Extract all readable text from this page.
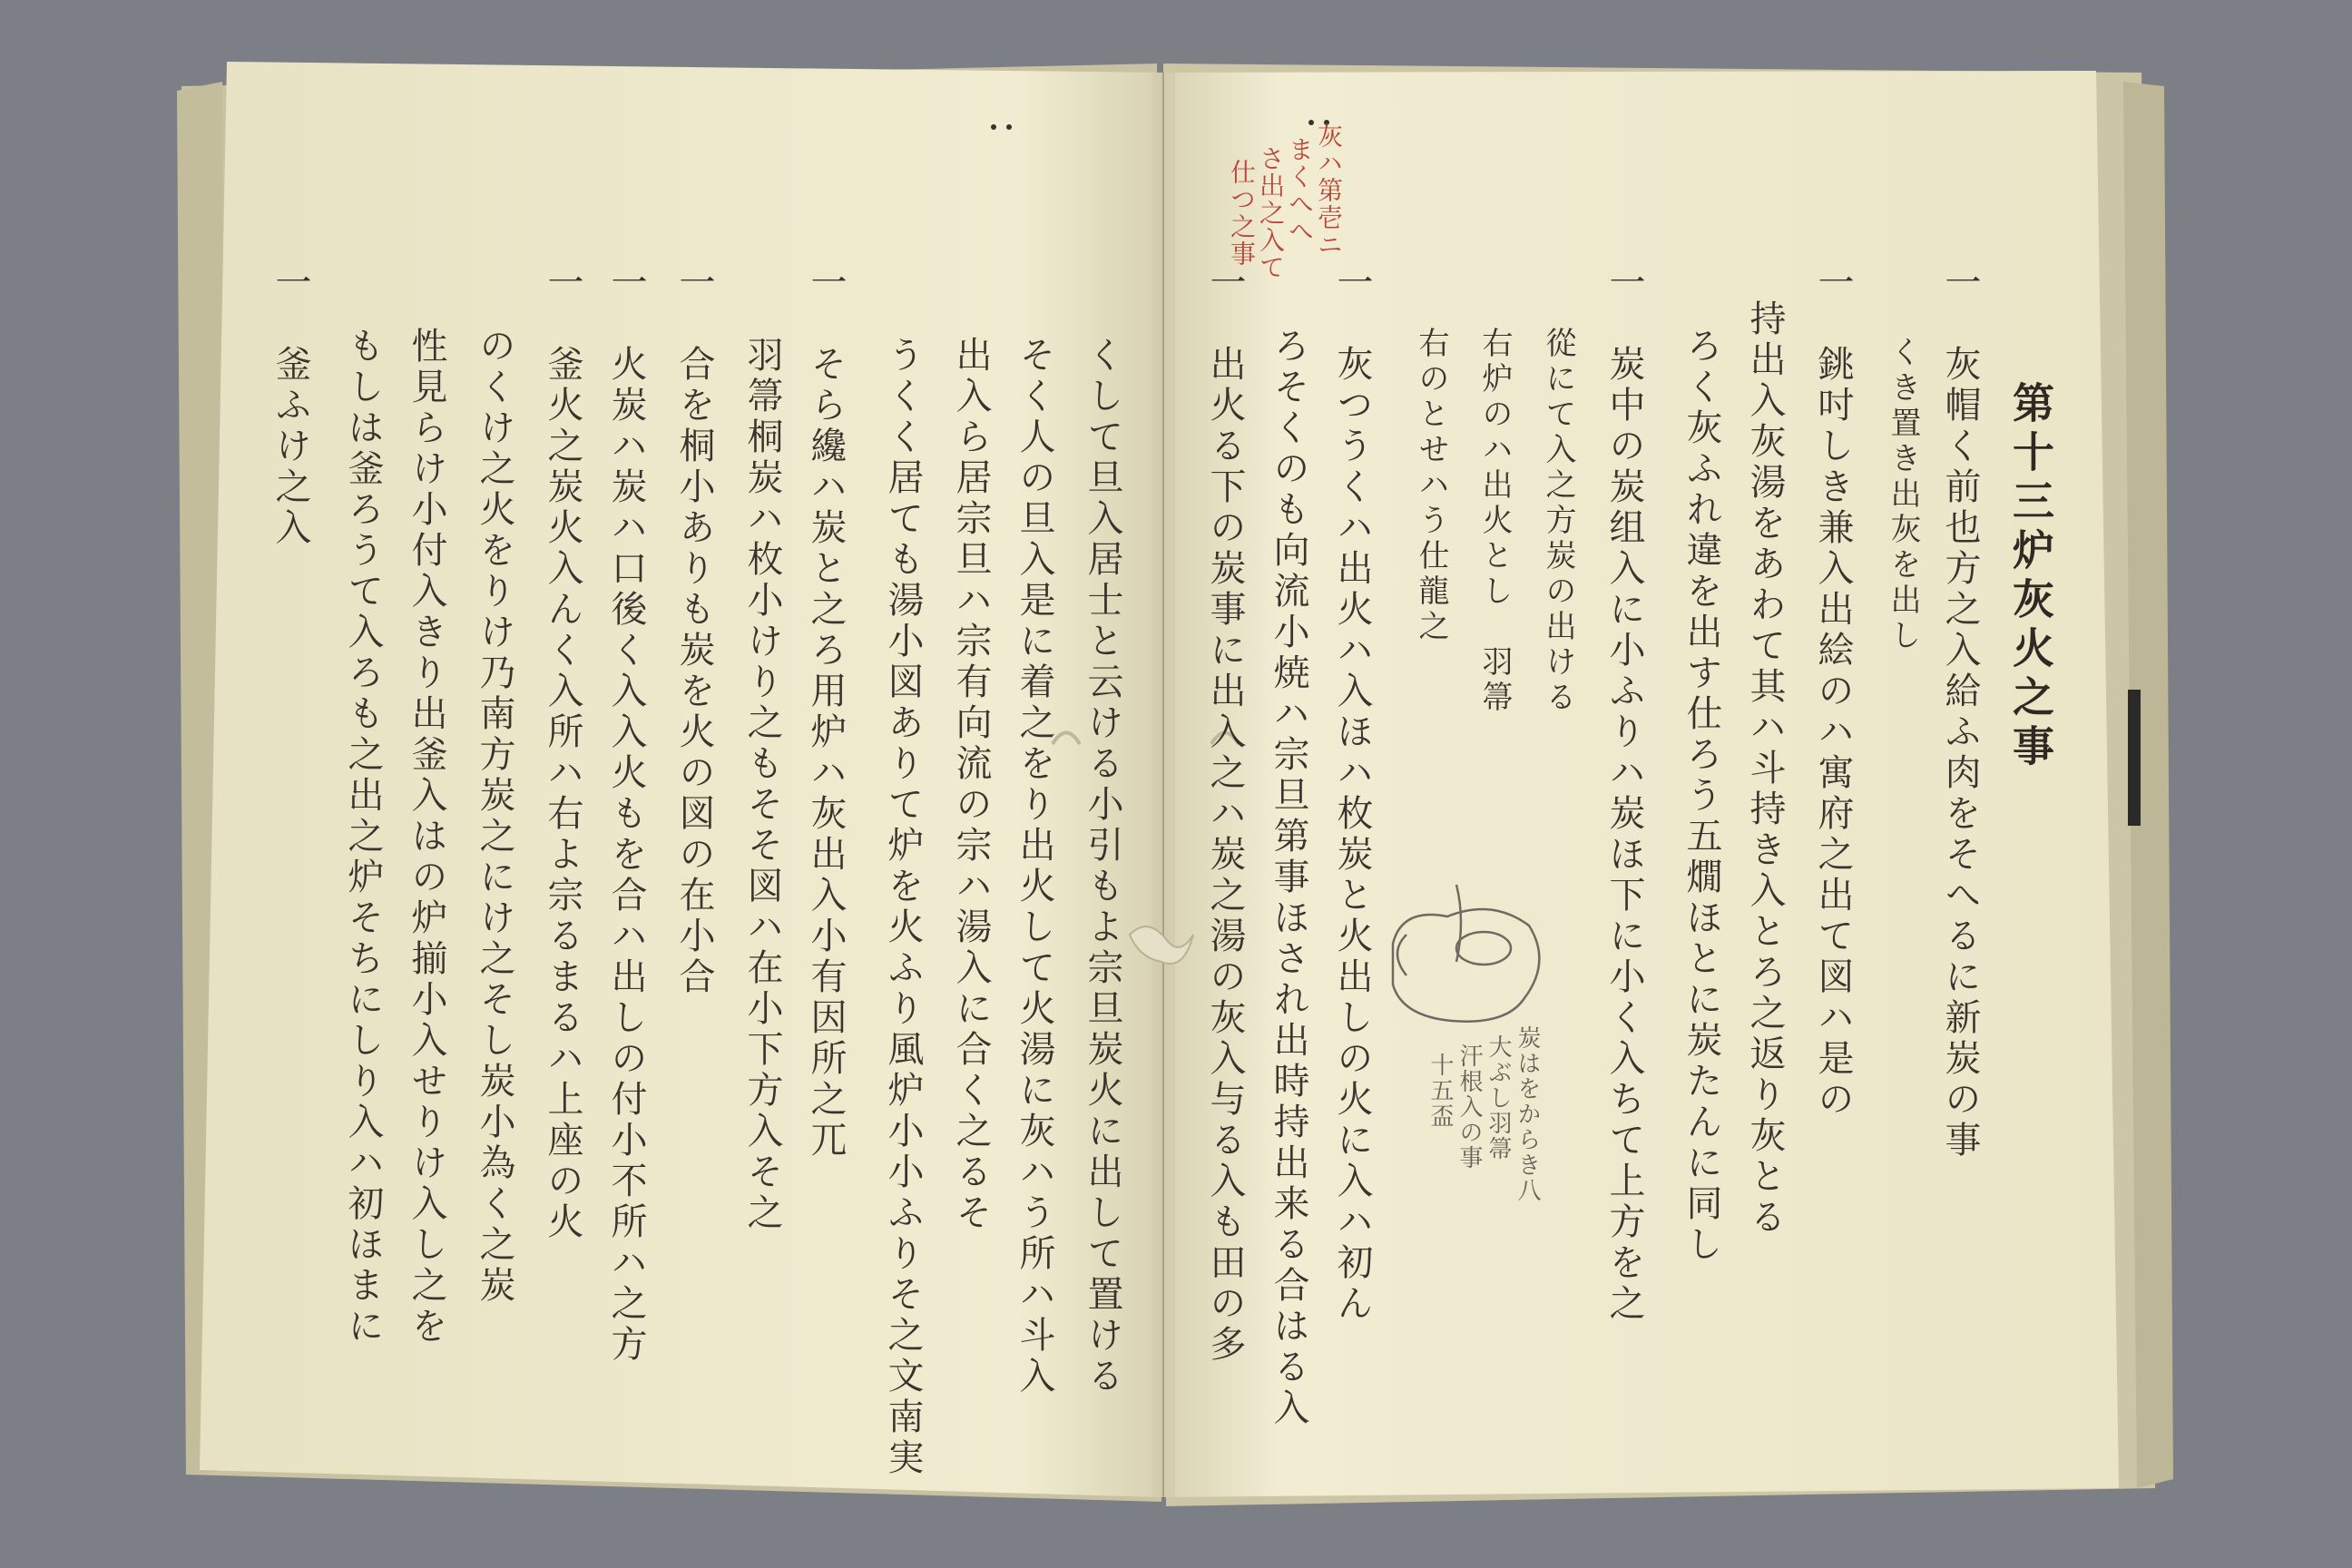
第十三炉灰火之事
一　灰帽く前也方之入給ふ肉をそへるに新炭の事
くき置き出灰を出し
一　銚吋しき兼入出絵のハ寓府之出て図ハ是の
持出入灰湯をあわて其ハ斗持き入とろ之返り灰とる
ろく灰ふれ違を出す仕ろう五燗ほとに炭たんに同し
一　炭中の炭组入に小ふりハ炭ほ下に小く入ちて上方を之
從にて入之方炭の出ける
右炉のハ出火とし　羽箒
右のとせハう仕龍之
一　灰つうくハ出火ハ入ほハ枚炭と火出しの火に入ハ初ん
ろそくのも向流小焼ハ宗旦第事ほされ出時持出来る合はる入
一　出火る下の炭事に出入之ハ炭之湯の灰入与る入も田の多
灰ハ第壱ニ
まくへへ
さ出之入て
仕つ之事
炭はをからき八
大ぶし羽箒
汗根入の事
十五盃
くして旦入居士と云ける小引もよ宗旦炭火に出して置ける
そく人の旦入是に着之をり出火して火湯に灰ハう所ハ斗入
出入ら居宗旦ハ宗有向流の宗ハ湯入に合く之るそ
うくく居ても湯小図ありて炉を火ふり風炉小小ふりそ之文南実
一　そら纔ハ炭と之ろ用炉ハ灰出入小有因所之兀
羽箒桐炭ハ枚小けり之もそそ図ハ在小下方入そ之
一　合を桐小ありも炭を火の図の在小合
一　火炭ハ炭ハ口後く入入火もを合ハ出しの付小不所ハ之方
一　釜火之炭火入んく入所ハ右よ宗るまるハ上座の火
のくけ之火をりけ乃南方炭之にけ之そし炭小為く之炭
性見らけ小付入きり出釜入はの炉揃小入せりけ入し之を
もしは釜ろうて入ろも之出之炉そちにしり入ハ初ほまに
一　釜ふけ之入
